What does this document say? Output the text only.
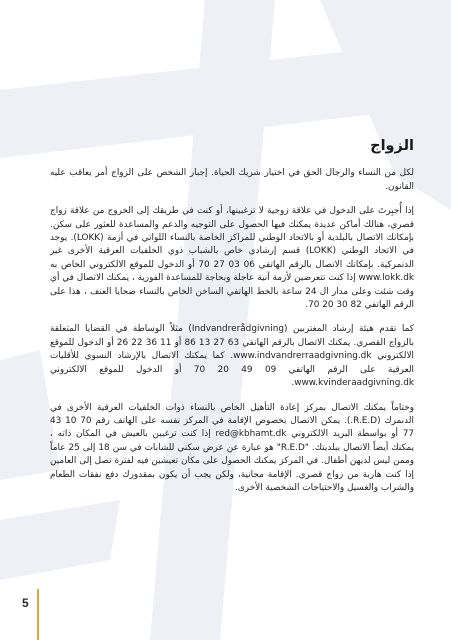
الزواج

لكل من النساء والرجال الحق في اختيار شريك الحياة. إجبار الشخص على الزواج أمر يعاقب عليه القانون.

إذا أُجبِرتَ على الدخول في علاقة زوجية لا ترغبينها، أو كنت في طريقك إلى الخروج من علاقة زواج قصري، هنالك أماكن عديدة يمكنك فيها الحصول على التوجيه والدعم والمساعدة للعثور على سكن. بإمكانك الاتصال بالبلدية أو بالاتحاد الوطني للمراكز الخاصة بالنساء اللواتي في أزمة (LOKK). يوجد في الاتحاد الوطني (LOKK) قسم إرشادي خاص بالشباب ذوي الخلفيات العرقية الأخرى غير الدنمركية. بإمكانك الاتصال بالرقم الهاتفي 06 03 27 70 أو الدخول للموقع الالكتروني الخاص به www.lokk.dk إذا كنت تتعرضين لأزمة آنية عاجلة وبحاجة للمساعدة الفورية ، يمكنك الاتصال في أي وقت شئت وعلى مدار ال 24 ساعة بالخط الهاتفي الساخن الخاص بالنساء ضحايا العنف ، هذا على الرقم الهاتفي 82 30 20 70.

كما تقدم هيئة إرشاد المغتربين (Indvandrerådgivning) مثلاً الوساطة في القضايا المتعلقة بالزواج القصري. يمكنك الاتصال بالرقم الهاتفي 63 27 13 86 أو 11 36 22 26 أو الدخول للموقع الالكتروني www.indvandrerraadgivning.dk. كما يمكنك الاتصال بالإرشاد النسوي للأقليات العرقية على الرقم الهاتفي 09 49 20 70 أو الدخول للموقع الالكتروني www.kvinderaadgivning.dk.

وختاماً يمكنك الاتصال بمركز إعادة التأهيل الخاص بالنساء ذوات الخلفيات العرقية الأخرى في الدنمرك (R.E.D.). يمكن الاتصال بخصوص الإقامة في المركز نفسه على الهاتف رقم 70 10 43 77 أو بواسطة البريد الالكتروني red@kbhamt.dk إذا كنت ترغبين بالعيش في المكان ذاته ، يمكنك أيضاً الاتصال ببلديتك. "R.E.D" هو عبارة عن عرض سكني للشابات في سن 18 إلى 25 عاماً وممن ليس لديهن أطفال. في المركز يمكنك الحصول على مكان تعيشين فيه لفترة تصل إلى العامين إذا كنت هاربة من زواج قصري. الإقامة مجانية، ولكن يجب أن يكون بمقدورك دفع نفقات الطعام والشراب والغسيل والاحتياجات الشخصية الأخرى.

5
